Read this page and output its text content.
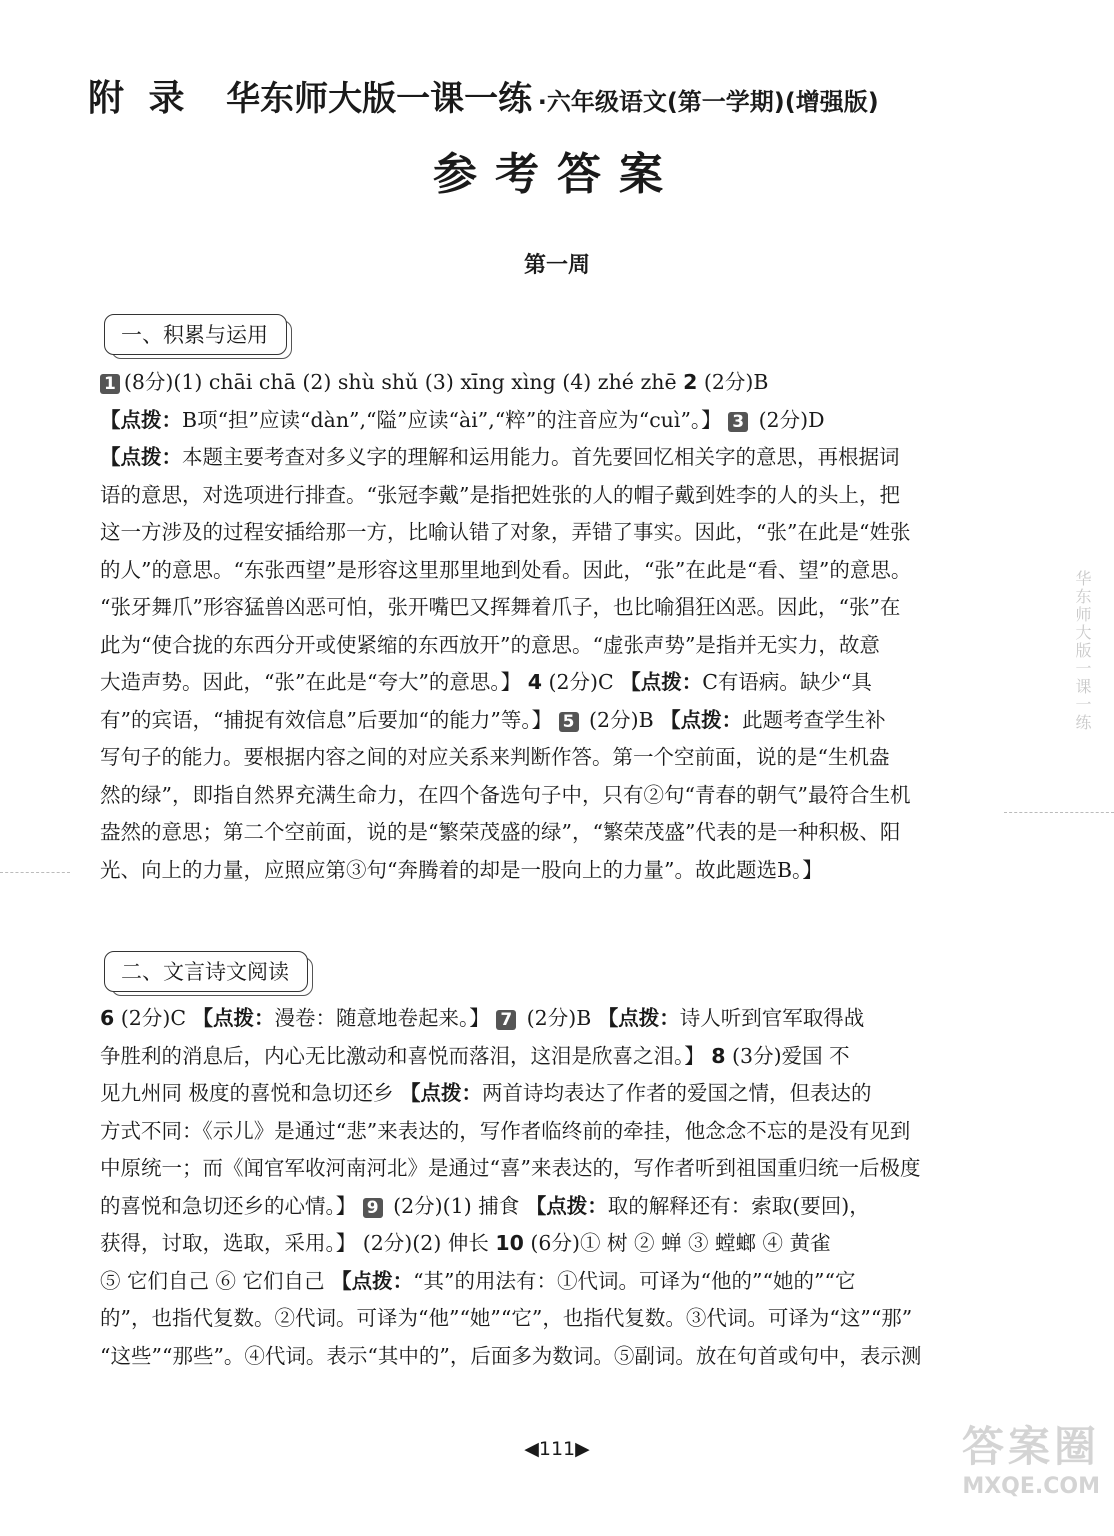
附 录 华东师大版一课一练 ·六年级语文(第一学期)(增强版)
参考答案
第一周
一、积累与运用
1 (8分)(1) chāi chā (2) shù shǔ (3) xīng xìng (4) zhé zhē 2 (2分)B
【点拨：B项“担”应读“dàn”,“隘”应读“ài”,“粹”的注音应为“cuì”。】 3 (2分)D
【点拨：本题主要考查对多义字的理解和运用能力。首先要回忆相关字的意思，再根据词
语的意思，对选项进行排查。“张冠李戴”是指把姓张的人的帽子戴到姓李的人的头上，把
这一方涉及的过程安插给那一方，比喻认错了对象，弄错了事实。因此，“张”在此是“姓张
的人”的意思。“东张西望”是形容这里那里地到处看。因此，“张”在此是“看、望”的意思。
“张牙舞爪”形容猛兽凶恶可怕，张开嘴巴又挥舞着爪子，也比喻猖狂凶恶。因此，“张”在
此为“使合拢的东西分开或使紧缩的东西放开”的意思。“虚张声势”是指并无实力，故意
大造声势。因此，“张”在此是“夸大”的意思。】 4 (2分)C 【点拨：C有语病。缺少“具
有”的宾语，“捕捉有效信息”后要加“的能力”等。】 5 (2分)B 【点拨：此题考查学生补
写句子的能力。要根据内容之间的对应关系来判断作答。第一个空前面，说的是“生机盎
然的绿”，即指自然界充满生命力，在四个备选句子中，只有②句“青春的朝气”最符合生机
盎然的意思；第二个空前面，说的是“繁荣茂盛的绿”，“繁荣茂盛”代表的是一种积极、阳
光、向上的力量，应照应第③句“奔腾着的却是一股向上的力量”。故此题选B。】
二、文言诗文阅读
6 (2分)C 【点拨：漫卷：随意地卷起来。】 7 (2分)B 【点拨：诗人听到官军取得战
争胜利的消息后，内心无比激动和喜悦而落泪，这泪是欣喜之泪。】 8 (3分)爱国 不
见九州同 极度的喜悦和急切还乡 【点拨：两首诗均表达了作者的爱国之情，但表达的
方式不同：《示儿》是通过“悲”来表达的，写作者临终前的牵挂，他念念不忘的是没有见到
中原统一；而《闻官军收河南河北》是通过“喜”来表达的，写作者听到祖国重归统一后极度
的喜悦和急切还乡的心情。】 9 (2分)(1) 捕食 【点拨：取的解释还有：索取(要回)，
获得，讨取，选取，采用。】 (2分)(2) 伸长 10 (6分)① 树 ② 蝉 ③ 螳螂 ④ 黄雀
⑤ 它们自己 ⑥ 它们自己 【点拨：“其”的用法有：①代词。可译为“他的”“她的”“它
的”，也指代复数。②代词。可译为“他”“她”“它”，也指代复数。③代词。可译为“这”“那”
“这些”“那些”。④代词。表示“其中的”，后面多为数词。⑤副词。放在句首或句中，表示测
华东师大版一课一练
◀111▶	答案圈
MXQE.COM
